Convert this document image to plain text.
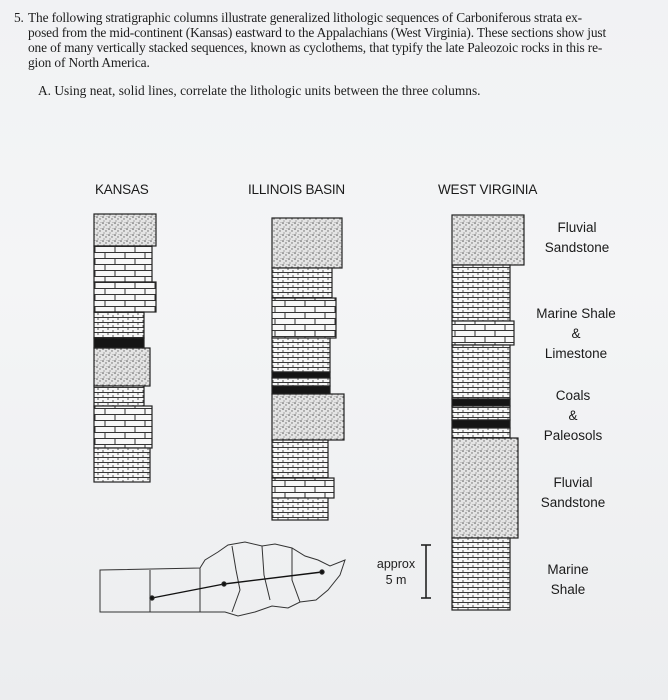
5. The following stratigraphic columns illustrate generalized lithologic sequences of Carboniferous strata ex-
posed from the mid-continent (Kansas) eastward to the Appalachians (West Virginia). These sections show just
one of many vertically stacked sequences, known as cyclothems, that typify the late Paleozoic rocks in this re-
gion of North America.
A. Using neat, solid lines, correlate the lithologic units between the three columns.
KANSAS	ILLINOIS BASIN	WEST VIRGINIA
Fluvial
Sandstone
Marine Shale
&
Limestone
Coals
&
Paleosols
Fluvial
Sandstone
Marine
Shale
approx
5 m
